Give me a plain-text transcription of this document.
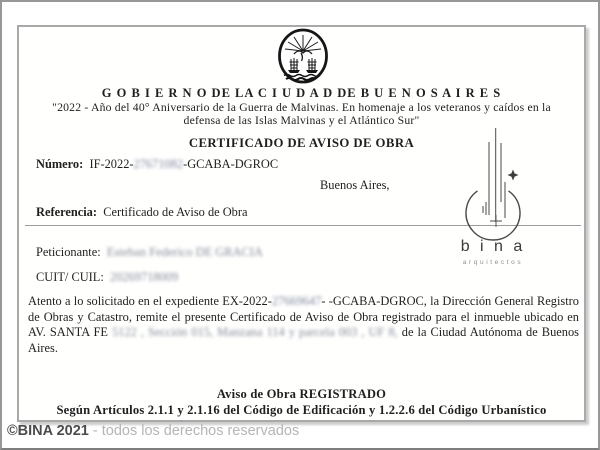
G O B I E R N O DE LA C I U D A D DE B U E N O S A I R E S
"2022 - Año del 40° Aniversario de la Guerra de Malvinas. En homenaje a los veteranos y caídos en la
defensa de las Islas Malvinas y el Atlántico Sur"
CERTIFICADO DE AVISO DE OBRA
Número: IF-2022-27671082-GCABA-DGROC
Buenos Aires,
Referencia: Certificado de Aviso de Obra
Peticionante: Esteban Federico DE GRACIA
CUIT/ CUIL: 20269718009
Atento a lo solicitado en el expediente EX-2022-27669647- -GCABA-DGROC, la Dirección General Registro de Obras y Catastro, remite el presente Certificado de Aviso de Obra registrado para el inmueble ubicado en AV. SANTA FE 5122 , Sección 015, Manzana 114 y parcela 003 , UF 8, de la Ciudad Autónoma de Buenos Aires.
Aviso de Obra REGISTRADO
Según Artículos 2.1.1 y 2.1.16 del Código de Edificación y 1.2.2.6 del Código Urbanístico
b i n a
arquitectos
©BINA 2021 - todos los derechos reservados
